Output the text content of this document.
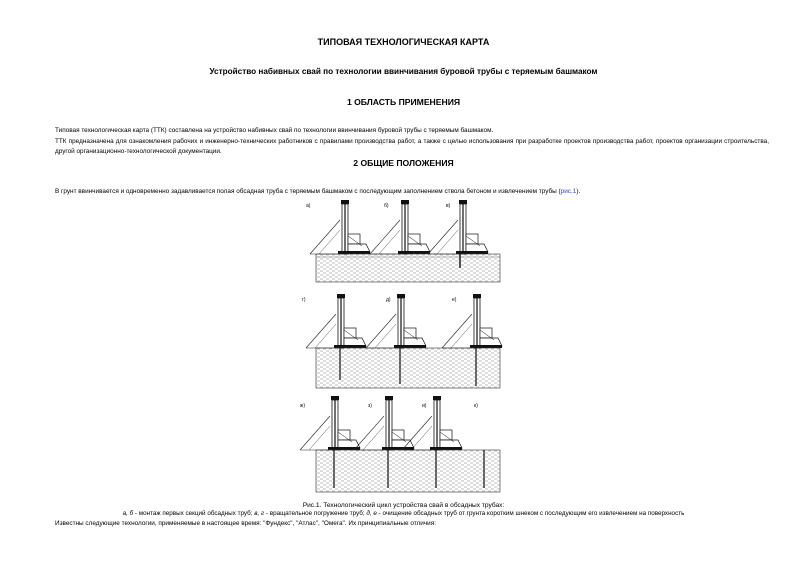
ТИПОВАЯ ТЕХНОЛОГИЧЕСКАЯ КАРТА
Устройство набивных свай по технологии ввинчивания буровой трубы с теряемым башмаком
1 ОБЛАСТЬ ПРИМЕНЕНИЯ
Типовая технологическая карта (ТТК) составлена на устройство набивных свай по технологии ввинчивания буровой трубы с теряемым башмаком.
ТТК предназначена для ознакомления рабочих и инженерно-технических работников с правилами производства работ, а также с целью использования при разработке проектов производства работ, проектов организации строительства, другой организационно-технологической документации.
2 ОБЩИЕ ПОЛОЖЕНИЯ
В грунт ввинчивается и одновременно задавливается полая обсадная труба с теряемым башмаком с последующим заполнением ствола бетоном и извлечением трубы (рис.1).
а)	б)	в)
г)	д)	е)
ж)	з)	и)	к)
Рис.1. Технологический цикл устройства свай в обсадных трубах:
а, б - монтаж первых секций обсадных труб; в, г - вращательное погружение труб; д, е - очищение обсадных труб от грунта коротким шнеком с последующим его извлечением на поверхность
Известны следующие технологии, применяемые в настоящее время: "Фундекс", "Атлас", "Омега". Их принципиальные отличия:
